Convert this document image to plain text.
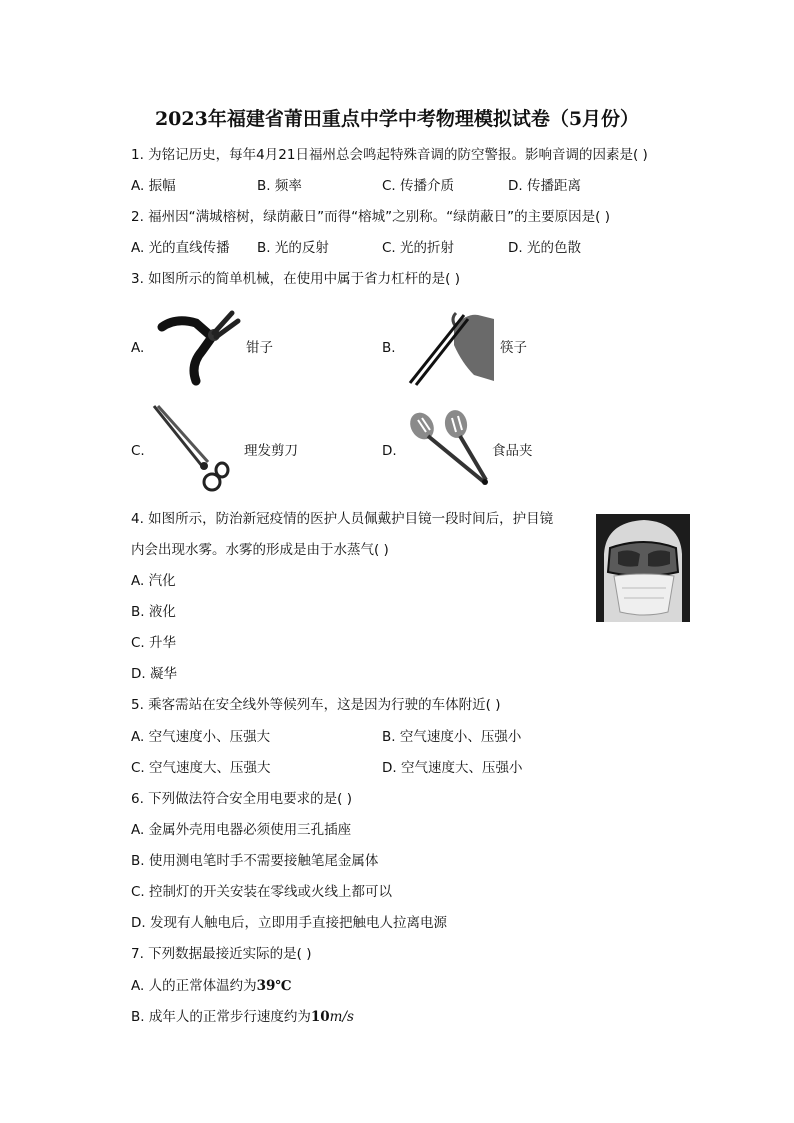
2023年福建省莆田重点中学中考物理模拟试卷（5月份）
1. 为铭记历史，每年4月21日福州总会鸣起特殊音调的防空警报。影响音调的因素是( )
A. 振幅	B. 频率	C. 传播介质	D. 传播距离
2. 福州因“满城榕树，绿荫蔽日”而得“榕城”之别称。“绿荫蔽日”的主要原因是( )
A. 光的直线传播 B. 光的反射	C. 光的折射	D. 光的色散
3. 如图所示的简单机械，在使用中属于省力杠杆的是( )
A.	钳子	B.	筷子
C.	理发剪刀	D.	食品夹
4. 如图所示，防治新冠疫情的医护人员佩戴护目镜一段时间后，护目镜
内会出现水雾。水雾的形成是由于水蒸气( )
A. 汽化
B. 液化
C. 升华
D. 凝华
5. 乘客需站在安全线外等候列车，这是因为行驶的车体附近( )
A. 空气速度小、压强大	B. 空气速度小、压强小
C. 空气速度大、压强大	D. 空气速度大、压强小
6. 下列做法符合安全用电要求的是( )
A. 金属外壳用电器必须使用三孔插座
B. 使用测电笔时手不需要接触笔尾金属体
C. 控制灯的开关安装在零线或火线上都可以
D. 发现有人触电后，立即用手直接把触电人拉离电源
7. 下列数据最接近实际的是( )
A. 人的正常体温约为39℃
B. 成年人的正常步行速度约为10m/s
